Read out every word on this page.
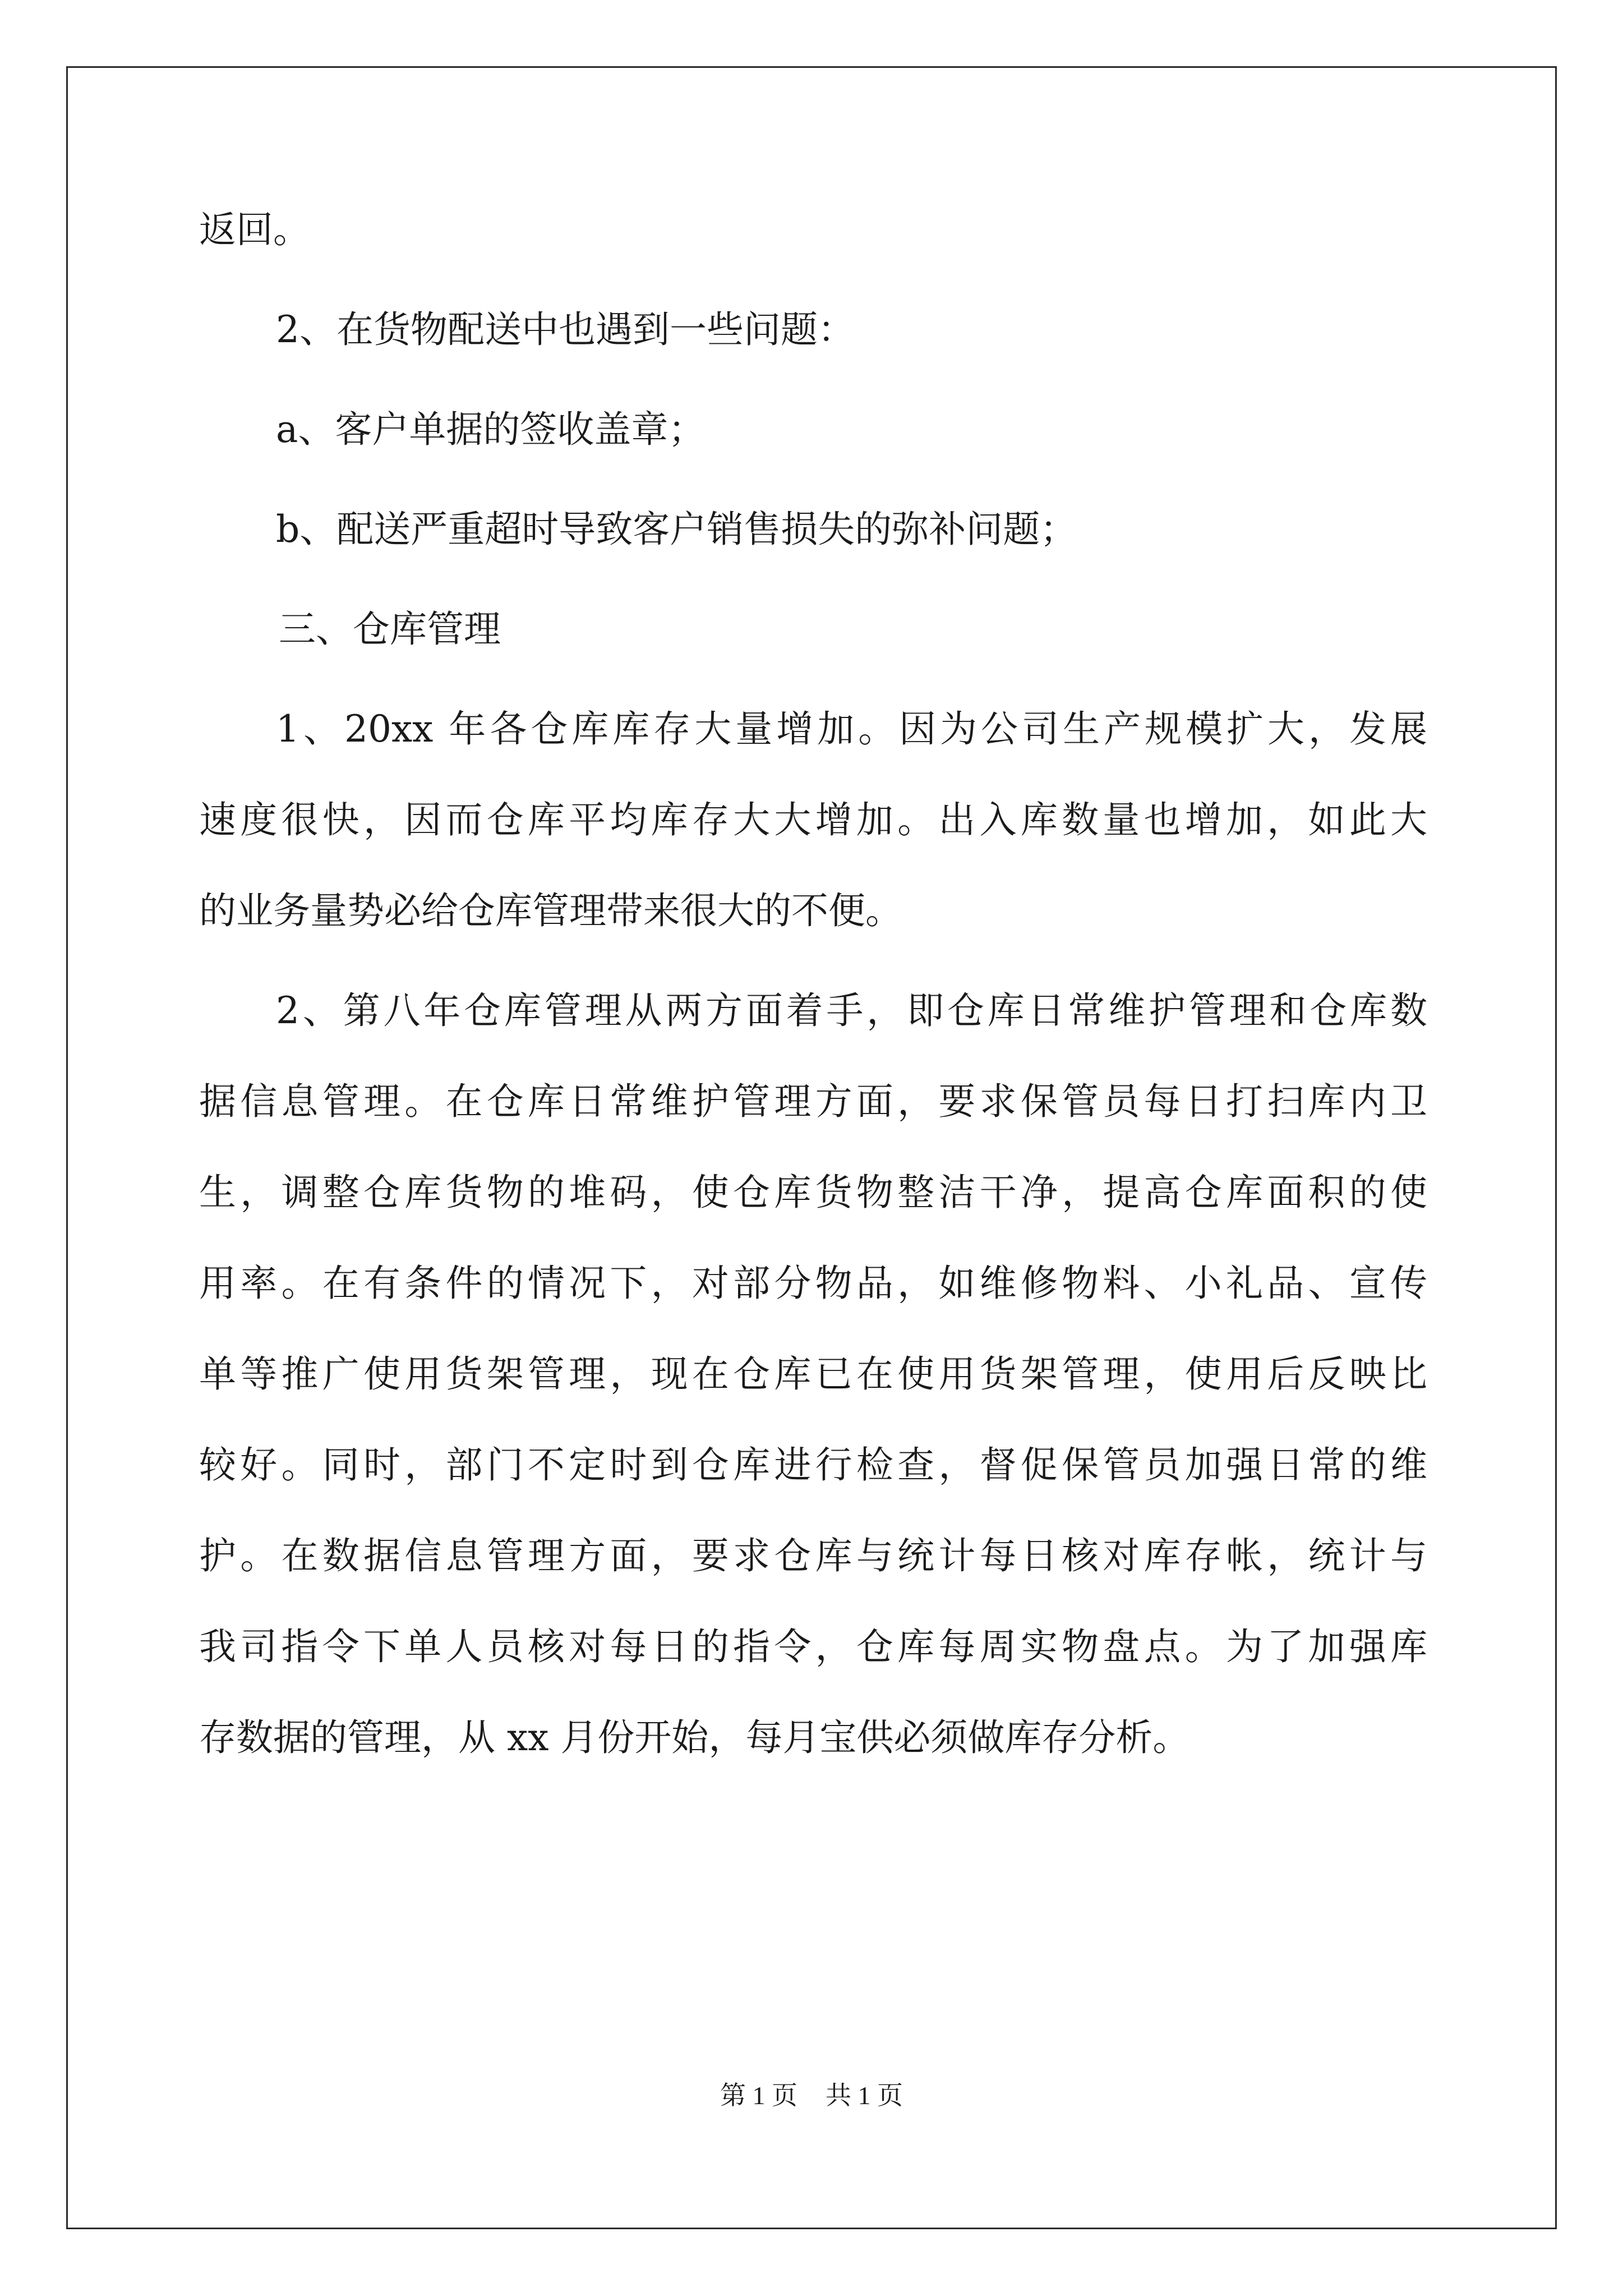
返回。
2、在货物配送中也遇到一些问题：
a、客户单据的签收盖章；
b、配送严重超时导致客户销售损失的弥补问题；
三、仓库管理
1、20xx 年各仓库库存大量增加。因为公司生产规模扩大，发展
速度很快，因而仓库平均库存大大增加。出入库数量也增加，如此大
的业务量势必给仓库管理带来很大的不便。
2、第八年仓库管理从两方面着手，即仓库日常维护管理和仓库数
据信息管理。在仓库日常维护管理方面，要求保管员每日打扫库内卫
生，调整仓库货物的堆码，使仓库货物整洁干净，提高仓库面积的使
用率。在有条件的情况下，对部分物品，如维修物料、小礼品、宣传
单等推广使用货架管理，现在仓库已在使用货架管理，使用后反映比
较好。同时，部门不定时到仓库进行检查，督促保管员加强日常的维
护。在数据信息管理方面，要求仓库与统计每日核对库存帐，统计与
我司指令下单人员核对每日的指令，仓库每周实物盘点。为了加强库
存数据的管理，从 xx 月份开始，每月宝供必须做库存分析。
第 1 页 共 1 页
